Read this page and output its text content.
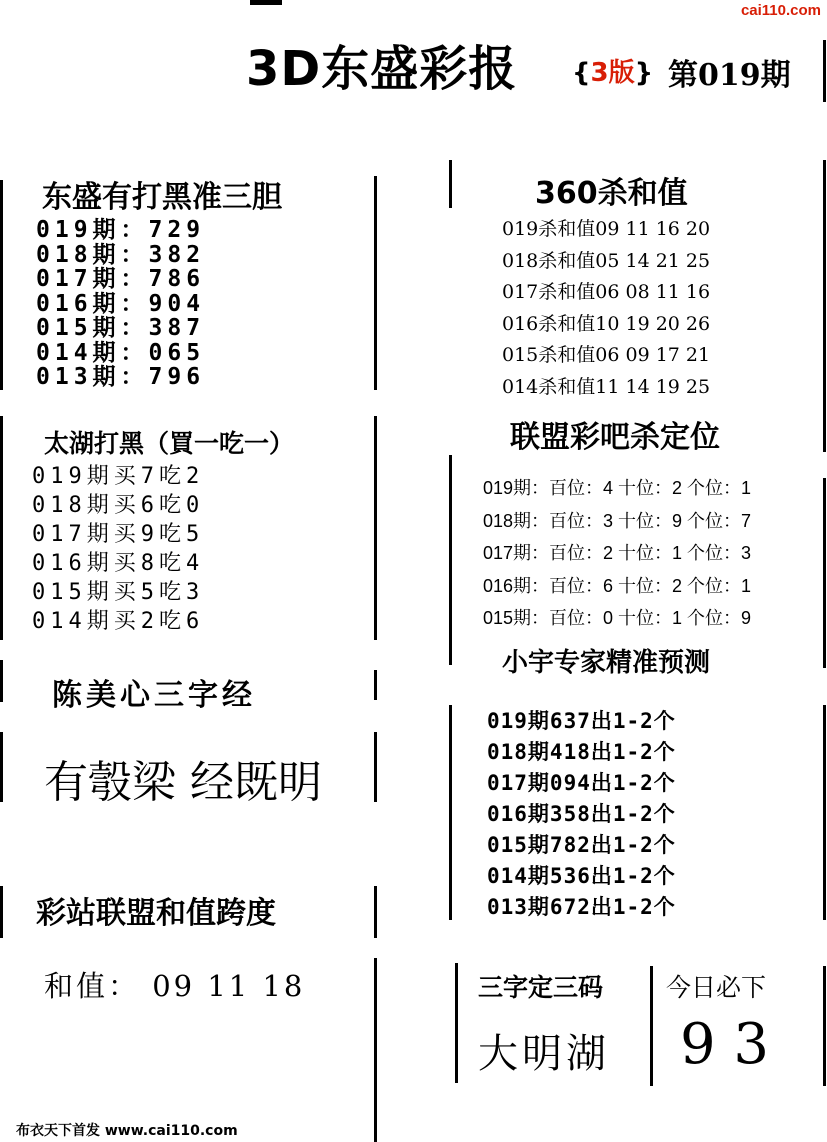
cai110.com
3D东盛彩报 {3版} 第019期
东盛有打黑准三胆
019期：729
018期：382
017期：786
016期：904
015期：387
014期：065
013期：796
太湖打黑（買一吃一）
019期买7吃2
018期买6吃0
017期买9吃5
016期买8吃4
015期买5吃3
014期买2吃6
陈美心三字经
有彀梁 经既明
彩站联盟和值跨度
和值： 09 11 18
360杀和值
019杀和值09 11 16 20
018杀和值05 14 21 25
017杀和值06 08 11 16
016杀和值10 19 20 26
015杀和值06 09 17 21
014杀和值11 14 19 25
联盟彩吧杀定位
019期：百位：4 十位：2 个位：1
018期：百位：3 十位：9 个位：7
017期：百位：2 十位：1 个位：3
016期：百位：6 十位：2 个位：1
015期：百位：0 十位：1 个位：9
小宇专家精准预测
019期637出1-2个
018期418出1-2个
017期094出1-2个
016期358出1-2个
015期782出1-2个
014期536出1-2个
013期672出1-2个
三字定三码
大明湖
今日必下
9 3
布衣天下首发 www.cai110.com
